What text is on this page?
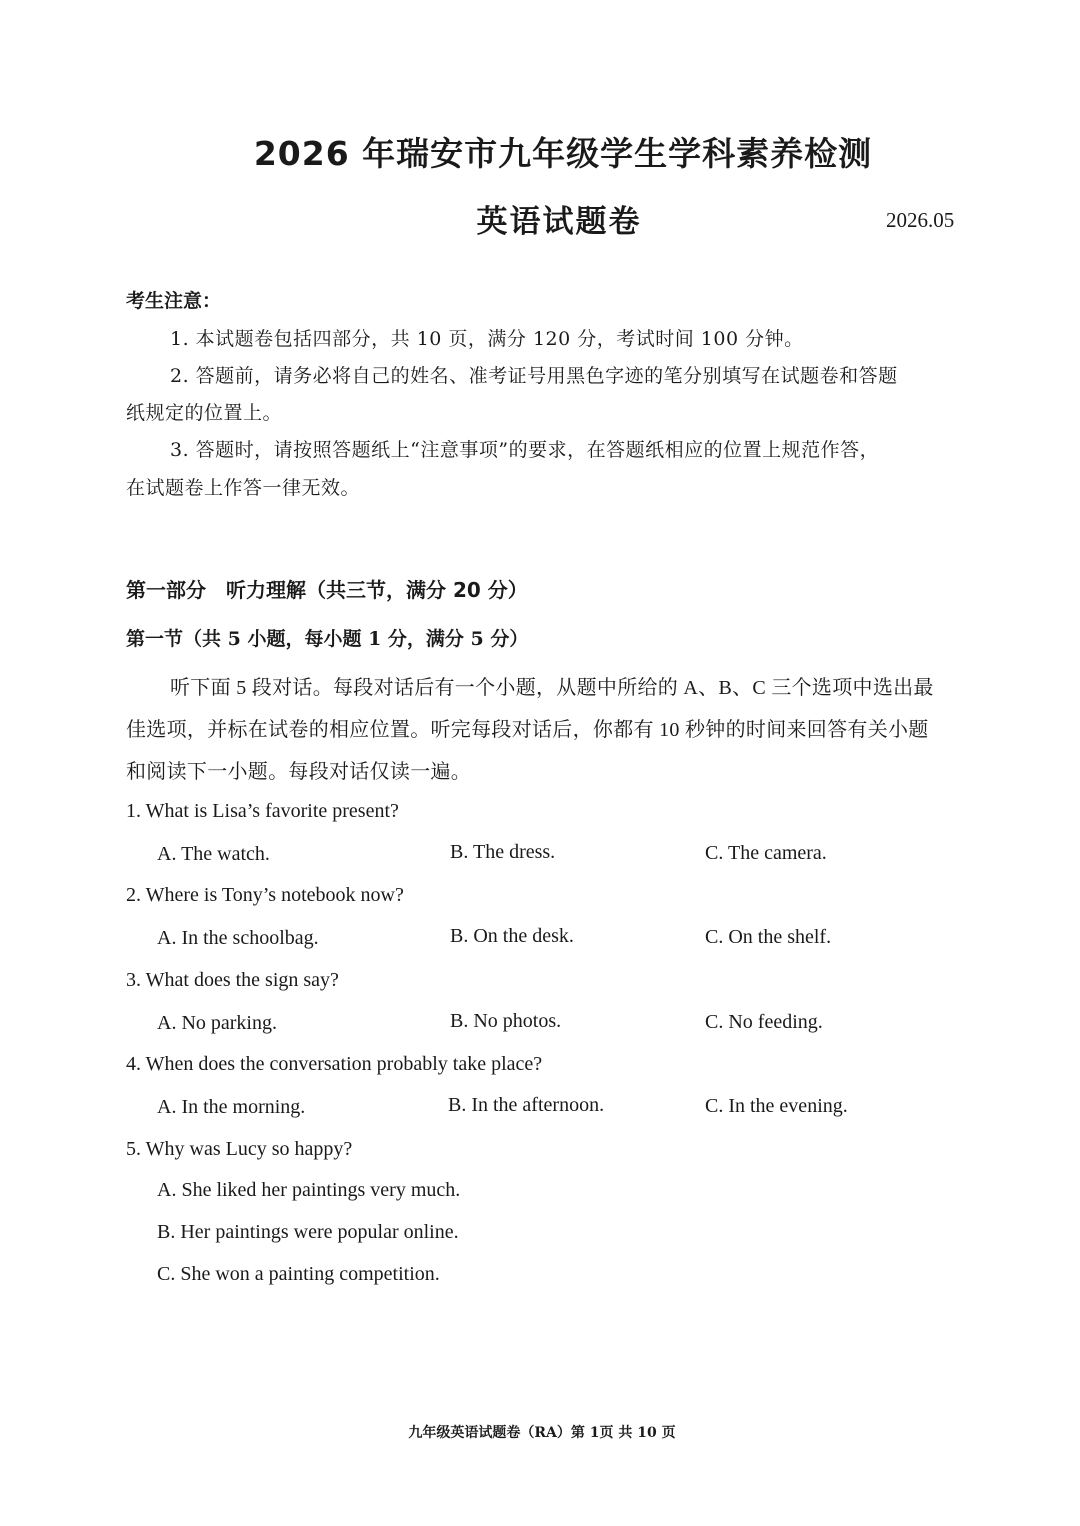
2026 年瑞安市九年级学生学科素养检测
英语试题卷	2026.05
考生注意：
1. 本试题卷包括四部分，共 10 页，满分 120 分，考试时间 100 分钟。
2. 答题前，请务必将自己的姓名、准考证号用黑色字迹的笔分别填写在试题卷和答题
纸规定的位置上。
3. 答题时，请按照答题纸上“注意事项”的要求，在答题纸相应的位置上规范作答，
在试题卷上作答一律无效。
第一部分　听力理解（共三节，满分 20 分）
第一节（共 5 小题，每小题 1 分，满分 5 分）
听下面 5 段对话。每段对话后有一个小题，从题中所给的 A、B、C 三个选项中选出最
佳选项，并标在试卷的相应位置。听完每段对话后，你都有 10 秒钟的时间来回答有关小题
和阅读下一小题。每段对话仅读一遍。
1. What is Lisa’s favorite present?
A. The watch.	B. The dress.	C. The camera.
2. Where is Tony’s notebook now?
A. In the schoolbag.	B. On the desk.	C. On the shelf.
3. What does the sign say?
A. No parking.	B. No photos.	C. No feeding.
4. When does the conversation probably take place?
A. In the morning.	B. In the afternoon.	C. In the evening.
5. Why was Lucy so happy?
A. She liked her paintings very much.
B. Her paintings were popular online.
C. She won a painting competition.
九年级英语试题卷（RA）第 1页 共 10 页
